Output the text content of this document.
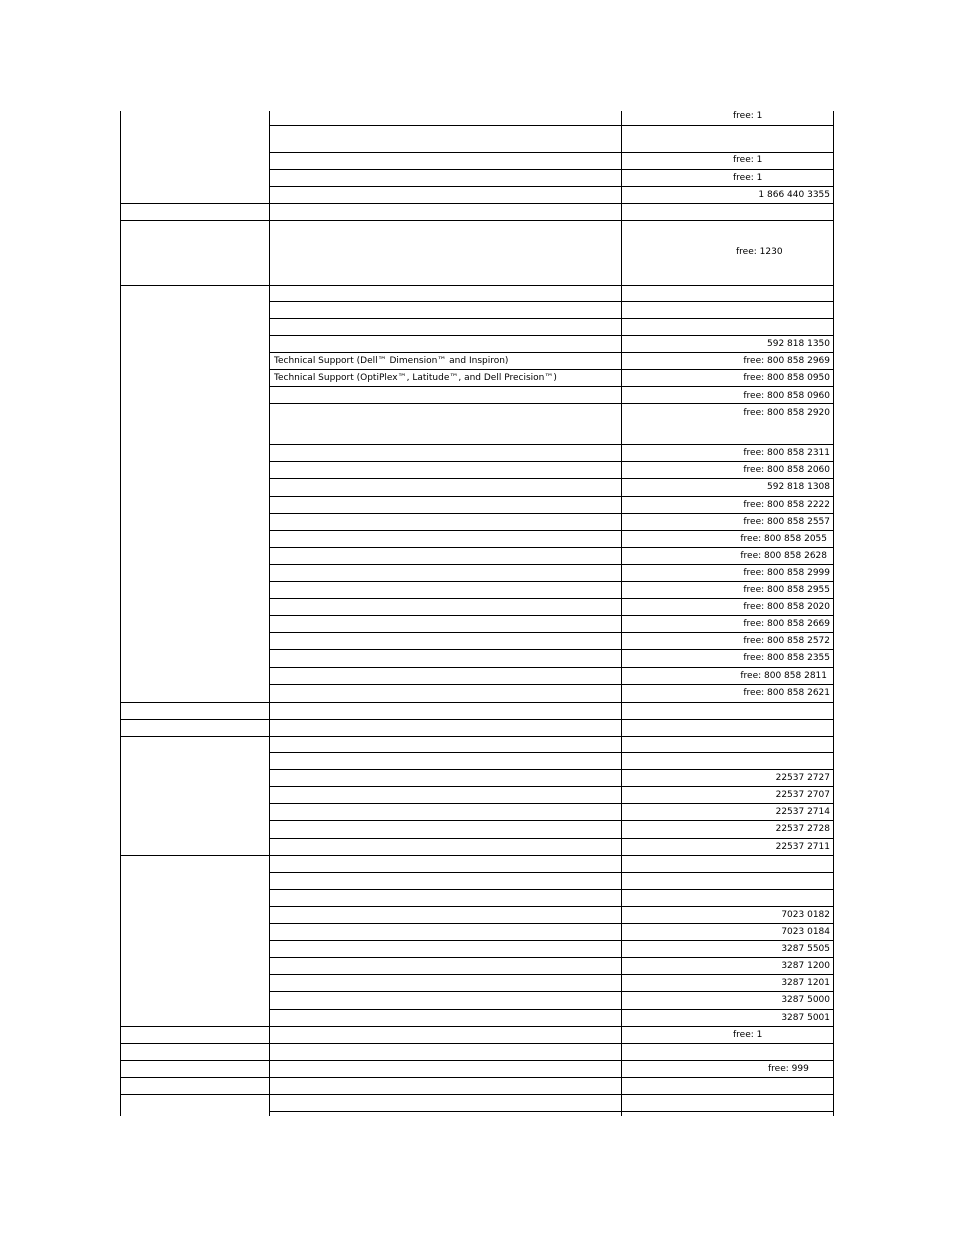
Technical Support (Dell™ Dimension™ and Inspiron)
Technical Support (OptiPlex™, Latitude™, and Dell Precision™)
free: 1
free: 1
free: 1
1 866 440 3355
free: 1230
592 818 1350
free: 800 858 2969
free: 800 858 0950
free: 800 858 0960
free: 800 858 2920
free: 800 858 2311
free: 800 858 2060
592 818 1308
free: 800 858 2222
free: 800 858 2557
free: 800 858 2055
free: 800 858 2628
free: 800 858 2999
free: 800 858 2955
free: 800 858 2020
free: 800 858 2669
free: 800 858 2572
free: 800 858 2355
free: 800 858 2811
free: 800 858 2621
22537 2727
22537 2707
22537 2714
22537 2728
22537 2711
7023 0182
7023 0184
3287 5505
3287 1200
3287 1201
3287 5000
3287 5001
free: 1
free: 999
